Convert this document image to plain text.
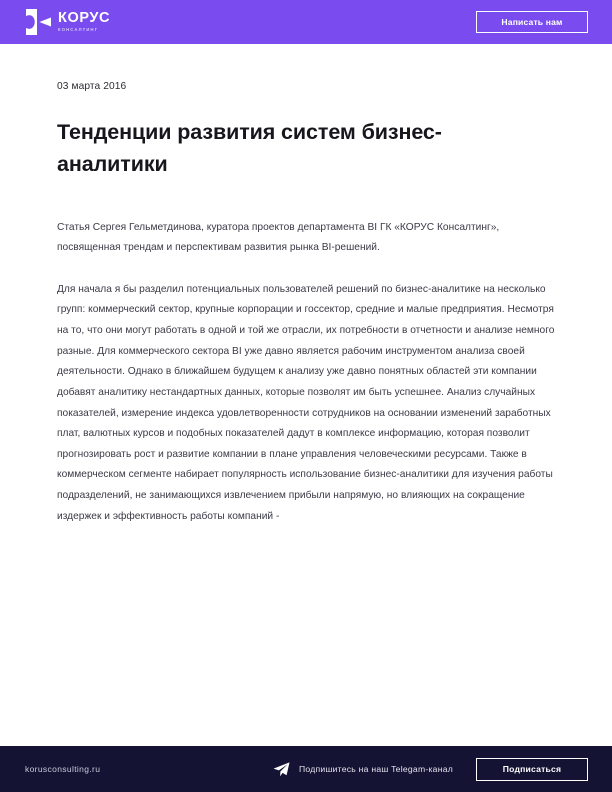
КОРУС
КОНСАЛТИНГ
Написать нам
03 марта 2016
Тенденции развития систем бизнес-аналитики

Статья Сергея Гельметдинова, куратора проектов департамента BI ГК «КОРУС Консалтинг», посвященная трендам и перспективам развития рынка BI-решений.

Для начала я бы разделил потенциальных пользователей решений по бизнес-аналитике на несколько групп: коммерческий сектор, крупные корпорации и госсектор, средние и малые предприятия. Несмотря на то, что они могут работать в одной и той же отрасли, их потребности в отчетности и анализе немного разные. Для коммерческого сектора BI уже давно является рабочим инструментом анализа своей деятельности. Однако в ближайшем будущем к анализу уже давно понятных областей эти компании добавят аналитику нестандартных данных, которые позволят им быть успешнее. Анализ случайных показателей, измерение индекса удовлетворенности сотрудников на основании изменений заработных плат, валютных курсов и подобных показателей дадут в комплексе информацию, которая позволит прогнозировать рост и развитие компании в плане управления человеческими ресурсами. Также в коммерческом сегменте набирает популярность использование бизнес-аналитики для изучения работы подразделений, не занимающихся извлечением прибыли напрямую, но влияющих на сокращение издержек и эффективность работы компаний -

korusconsulting.ru	Подпишитесь на наш Telegam-канал	Подписаться
